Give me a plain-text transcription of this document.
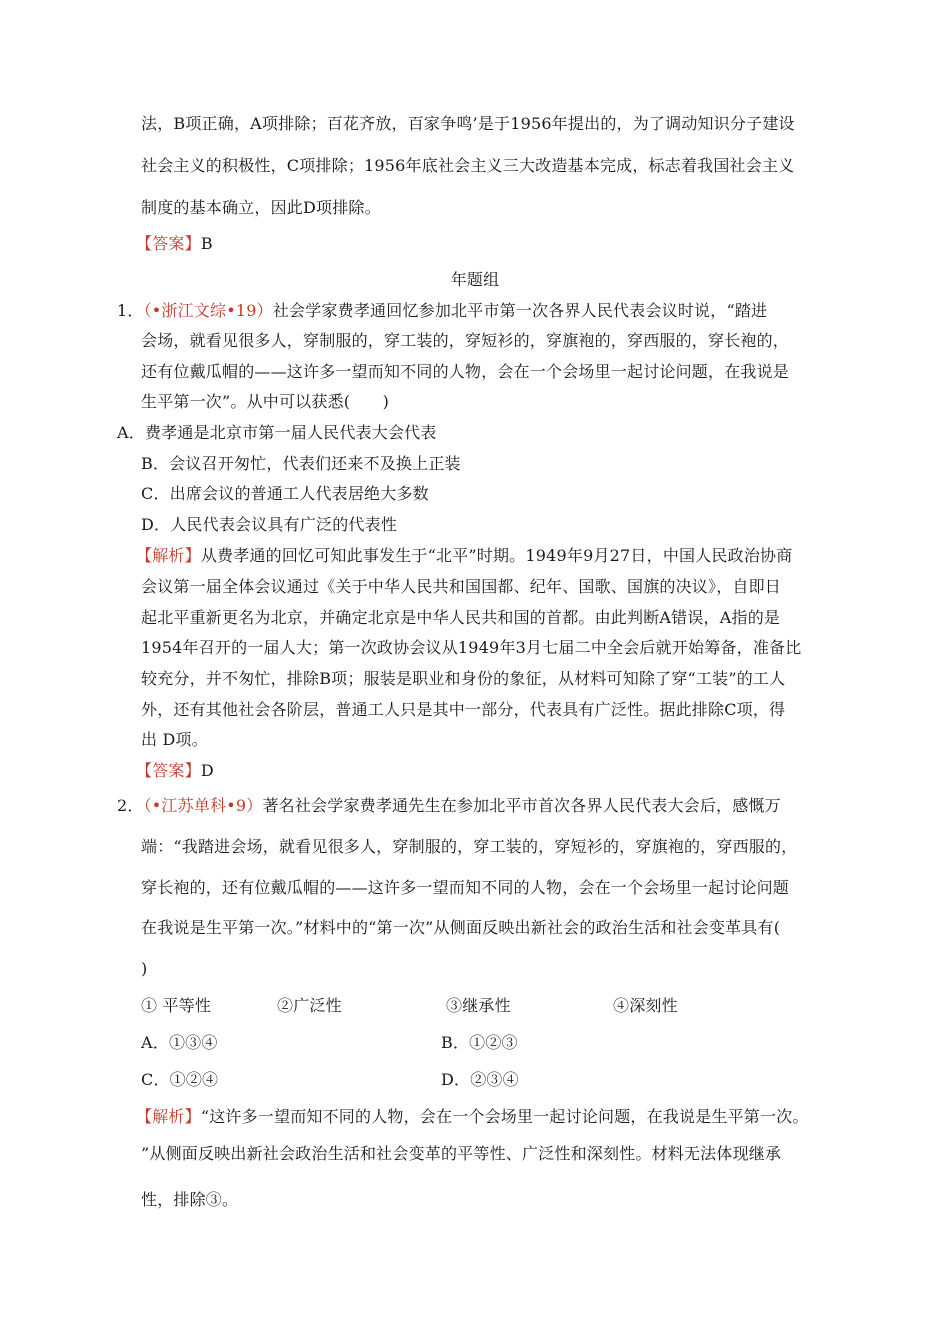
法，B项正确，A项排除；百花齐放，百家争鸣’是于1956年提出的，为了调动知识分子建设
社会主义的积极性，C项排除；1956年底社会主义三大改造基本完成，标志着我国社会主义
制度的基本确立，因此D项排除。
【答案】B
年题组
1．（•浙江文综•19）社会学家费孝通回忆参加北平市第一次各界人民代表会议时说，“踏进
会场，就看见很多人，穿制服的，穿工装的，穿短衫的，穿旗袍的，穿西服的，穿长袍的，
还有位戴瓜帽的——这许多一望而知不同的人物，会在一个会场里一起讨论问题，在我说是
生平第一次”。从中可以获悉(　　)
A．费孝通是北京市第一届人民代表大会代表
B．会议召开匆忙，代表们还来不及换上正装
C．出席会议的普通工人代表居绝大多数
D．人民代表会议具有广泛的代表性
【解析】从费孝通的回忆可知此事发生于“北平”时期。1949年9月27日，中国人民政治协商
会议第一届全体会议通过《关于中华人民共和国国都、纪年、国歌、国旗的决议》，自即日
起北平重新更名为北京，并确定北京是中华人民共和国的首都。由此判断A错误，A指的是
1954年召开的一届人大；第一次政协会议从1949年3月七届二中全会后就开始筹备，准备比
较充分，并不匆忙，排除B项；服装是职业和身份的象征，从材料可知除了穿“工装”的工人
外，还有其他社会各阶层，普通工人只是其中一部分，代表具有广泛性。据此排除C项，得
出 D项。
【答案】D
2．（•江苏单科•9）著名社会学家费孝通先生在参加北平市首次各界人民代表大会后，感慨万
端：“我踏进会场，就看见很多人，穿制服的，穿工装的，穿短衫的，穿旗袍的，穿西服的，
穿长袍的，还有位戴瓜帽的——这许多一望而知不同的人物，会在一个会场里一起讨论问题
在我说是生平第一次。”材料中的“第一次”从侧面反映出新社会的政治生活和社会变革具有(
)
① 平等性	②广泛性	③继承性	④深刻性
A．①③④	B．①②③
C．①②④	D．②③④
【解析】“这许多一望而知不同的人物，会在一个会场里一起讨论问题，在我说是生平第一次。
”从侧面反映出新社会政治生活和社会变革的平等性、广泛性和深刻性。材料无法体现继承
性，排除③。
